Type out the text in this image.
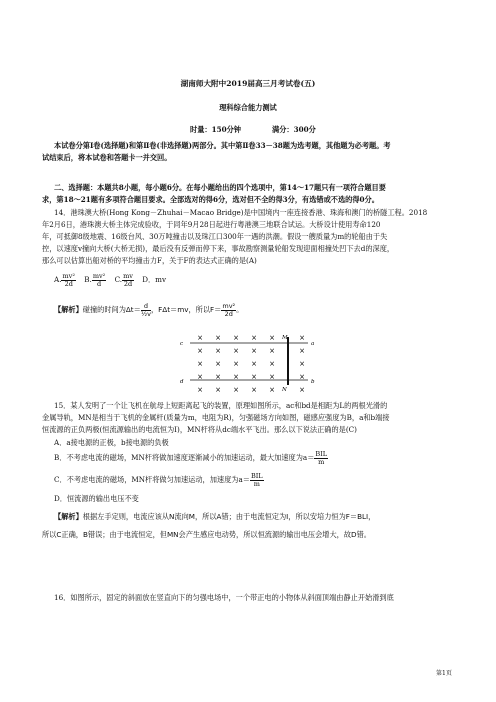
湖南师大附中2019届高三月考试卷(五)
理科综合能力测试
时量：150分钟	满分：300分
本试卷分第Ⅰ卷(选择题)和第Ⅱ卷(非选择题)两部分。其中第Ⅱ卷33－38题为选考题，其他题为必考题。考
试结束后，将本试卷和答题卡一并交回。
二、选择题：本题共8小题，每小题6分。在每小题给出的四个选项中，第14～17题只有一项符合题目要
求，第18～21题有多项符合题目要求。全部选对的得6分，选对但不全的得3分，有选错或不选的得0分。
14．港珠澳大桥(Hong Kong－Zhuhai－Macao Bridge)是中国境内一座连接香港、珠海和澳门的桥隧工程。2018
年2月6日，港珠澳大桥主体完成验收，于同年9月28日起进行粤港澳三地联合试运。大桥设计使用寿命120
年，可抵御8级地震、16级台风、30万吨撞击以及珠江口300年一遇的洪潮。假设一艘质量为m的轮船由于失
控，以速度v撞向大桥(大桥无损)，最后没有反弹而停下来，事故勘察测量轮船发现迎面相撞处凹下去d的深度，
那么可以估算出船对桥的平均撞击力F，关于F的表达式正确的是(A)
A. $\frac{\text{mv²}}{2d} B$. $\frac{\text{mv²}}{d} C$. $\frac{mv}{2d}$ D．mv
【解析】碰撞的时间为$\Delta t= \frac{d}{\text{½v}}$ ，FΔt＝mv，所以$F= \frac{\text{mv²}}{2d}$ 。
× × × × ×	×
× × × × ×	×
× × × × ×	×
× × × × ×	×
× × × × ×	×
M
N
a
b
c
d
15．某人发明了一个让飞机在航母上短距离起飞的装置，原理如图所示，ac和bd是相距为L的两根光滑的
金属导轨，MN是相当于飞机的金属杆(质量为m，电阻为R)，匀强磁场方向如图，磁感应强度为B，a和b端接
恒流源的正负两极(恒流源输出的电流恒为I)，MN杆将从dc端水平飞出。那么以下说法正确的是(C)
A．a接电源的正极，b接电源的负极
B．不考虑电流的磁场，MN杆将做加速度逐渐减小的加速运动，最大加速度为$a= \frac{\text{BIL}}{m}$
C．不考虑电流的磁场，MN杆将做匀加速运动，加速度为$a= \frac{\text{BIL}}{m}$
D．恒流源的输出电压不变
【解析】根据左手定则，电流应该从N流向M，所以A错；由于电流恒定为I，所以安培力恒为F＝BLI，
所以C正确，B错误；由于电流恒定，但MN会产生感应电动势，所以恒流源的输出电压会增大，故D错。
16．如图所示，固定的斜面放在竖直向下的匀强电场中，一个带正电的小物体从斜面顶端由静止开始滑到底
第1页
